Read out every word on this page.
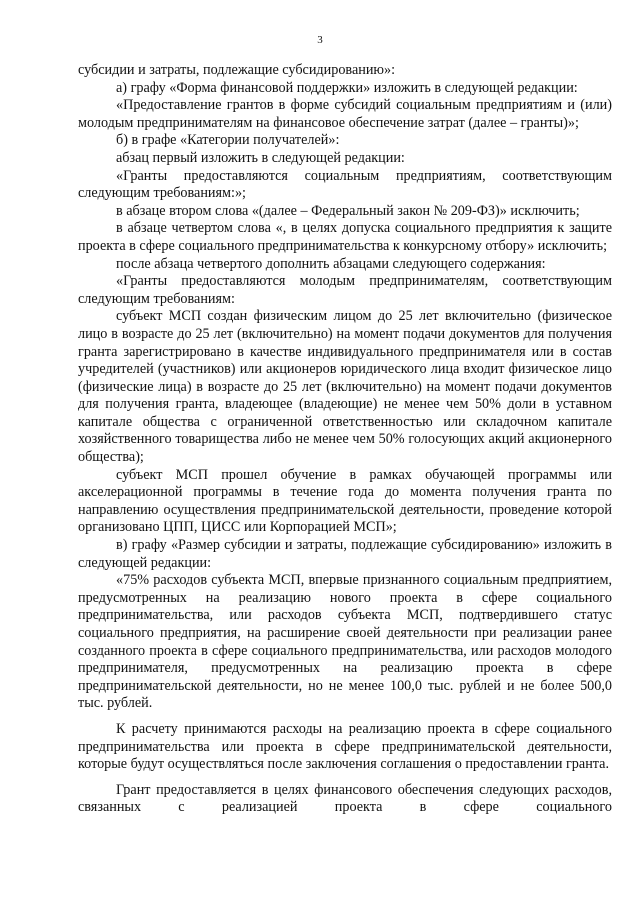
3

субсидии и затраты, подлежащие субсидированию»:

а) графу «Форма финансовой поддержки» изложить в следующей редакции:

«Предоставление грантов в форме субсидий социальным предприятиям и (или) молодым предпринимателям на финансовое обеспечение затрат (далее – гранты)»;

б) в графе «Категории получателей»:

абзац первый изложить в следующей редакции:

«Гранты предоставляются социальным предприятиям, соответствующим следующим требованиям:»;

в абзаце втором слова «(далее – Федеральный закон № 209-ФЗ)» исключить;

в абзаце четвертом слова «, в целях допуска социального предприятия к защите проекта в сфере социального предпринимательства к конкурсному отбору» исключить;

после абзаца четвертого дополнить абзацами следующего содержания:

«Гранты предоставляются молодым предпринимателям, соответствующим следующим требованиям:

субъект МСП создан физическим лицом до 25 лет включительно (физическое лицо в возрасте до 25 лет (включительно) на момент подачи документов для получения гранта зарегистрировано в качестве индивидуального предпринимателя или в состав учредителей (участников) или акционеров юридического лица входит физическое лицо (физические лица) в возрасте до 25 лет (включительно) на момент подачи документов для получения гранта, владеющее (владеющие) не менее чем 50% доли в уставном капитале общества с ограниченной ответственностью или складочном капитале хозяйственного товарищества либо не менее чем 50% голосующих акций акционерного общества);

субъект МСП прошел обучение в рамках обучающей программы или акселерационной программы в течение года до момента получения гранта по направлению осуществления предпринимательской деятельности, проведение которой организовано ЦПП, ЦИСС или Корпорацией МСП»;

в) графу «Размер субсидии и затраты, подлежащие субсидированию» изложить в следующей редакции:

«75% расходов субъекта МСП, впервые признанного социальным предприятием, предусмотренных на реализацию нового проекта в сфере социального предпринимательства, или расходов субъекта МСП, подтвердившего статус социального предприятия, на расширение своей деятельности при реализации ранее созданного проекта в сфере социального предпринимательства, или расходов молодого предпринимателя, предусмотренных на реализацию проекта в сфере предпринимательской деятельности, но не менее 100,0 тыс. рублей и не более 500,0 тыс. рублей.

К расчету принимаются расходы на реализацию проекта в сфере социального предпринимательства или проекта в сфере предпринимательской деятельности, которые будут осуществляться после заключения соглашения о предоставлении гранта.

Грант предоставляется в целях финансового обеспечения следующих расходов, связанных с реализацией проекта в сфере социального
